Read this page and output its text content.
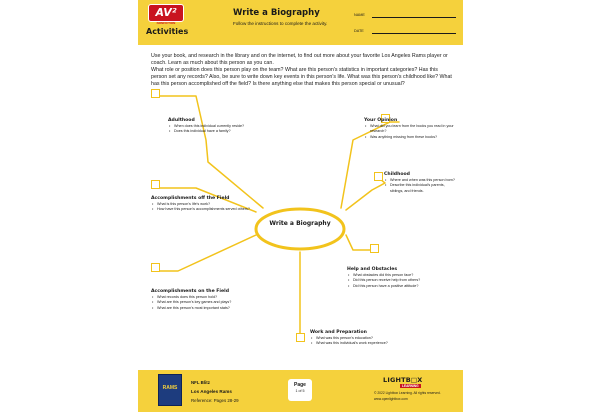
AV²
NONFICTION
Activities
Write a Biography
Follow the instructions to complete the activity.
NAME
DATE

Use your book, and research in the library and on the internet, to find out more about your favorite Los Angeles Rams player or coach. Learn as much about this person as you can.

What role or position does this person play on the team? What are this person's statistics in important categories? Has this person set any records? Also, be sure to write down key events in this person's life. What was this person's childhood like? What has this person accomplished off the field? Is there anything else that makes this person special or unusual?

Write a Biography
Adulthood
• When does this individual currently reside?
• Does this individual have a family?
Your Opinion
• What did you learn from the books you read in your research?
• Was anything missing from these books?
Childhood
• Where and when was this person born?
• Describe this individual's parents, siblings, and friends.
Accomplishments off the Field
• What is this person's life's work?
• How have this person's accomplishments served others?
Help and Obstacles
• What obstacles did this person face?
• Did this person receive help from others?
• Did this person have a positive attitude?
Accomplishments on the Field
• What records does this person hold?
• What are this person's key games and plays?
• What are this person's most important stats?
Work and Preparation
• What was this person's education?
• What was this individual's work experience?
RAMS
NFL Blitz
Los Angeles Rams
Reference: Pages 28-29
Page
1 of 5
LIGHTB□X
LEARNING
© 2022 Lightbox Learning. All rights reserved.
www.openlightbox.com
